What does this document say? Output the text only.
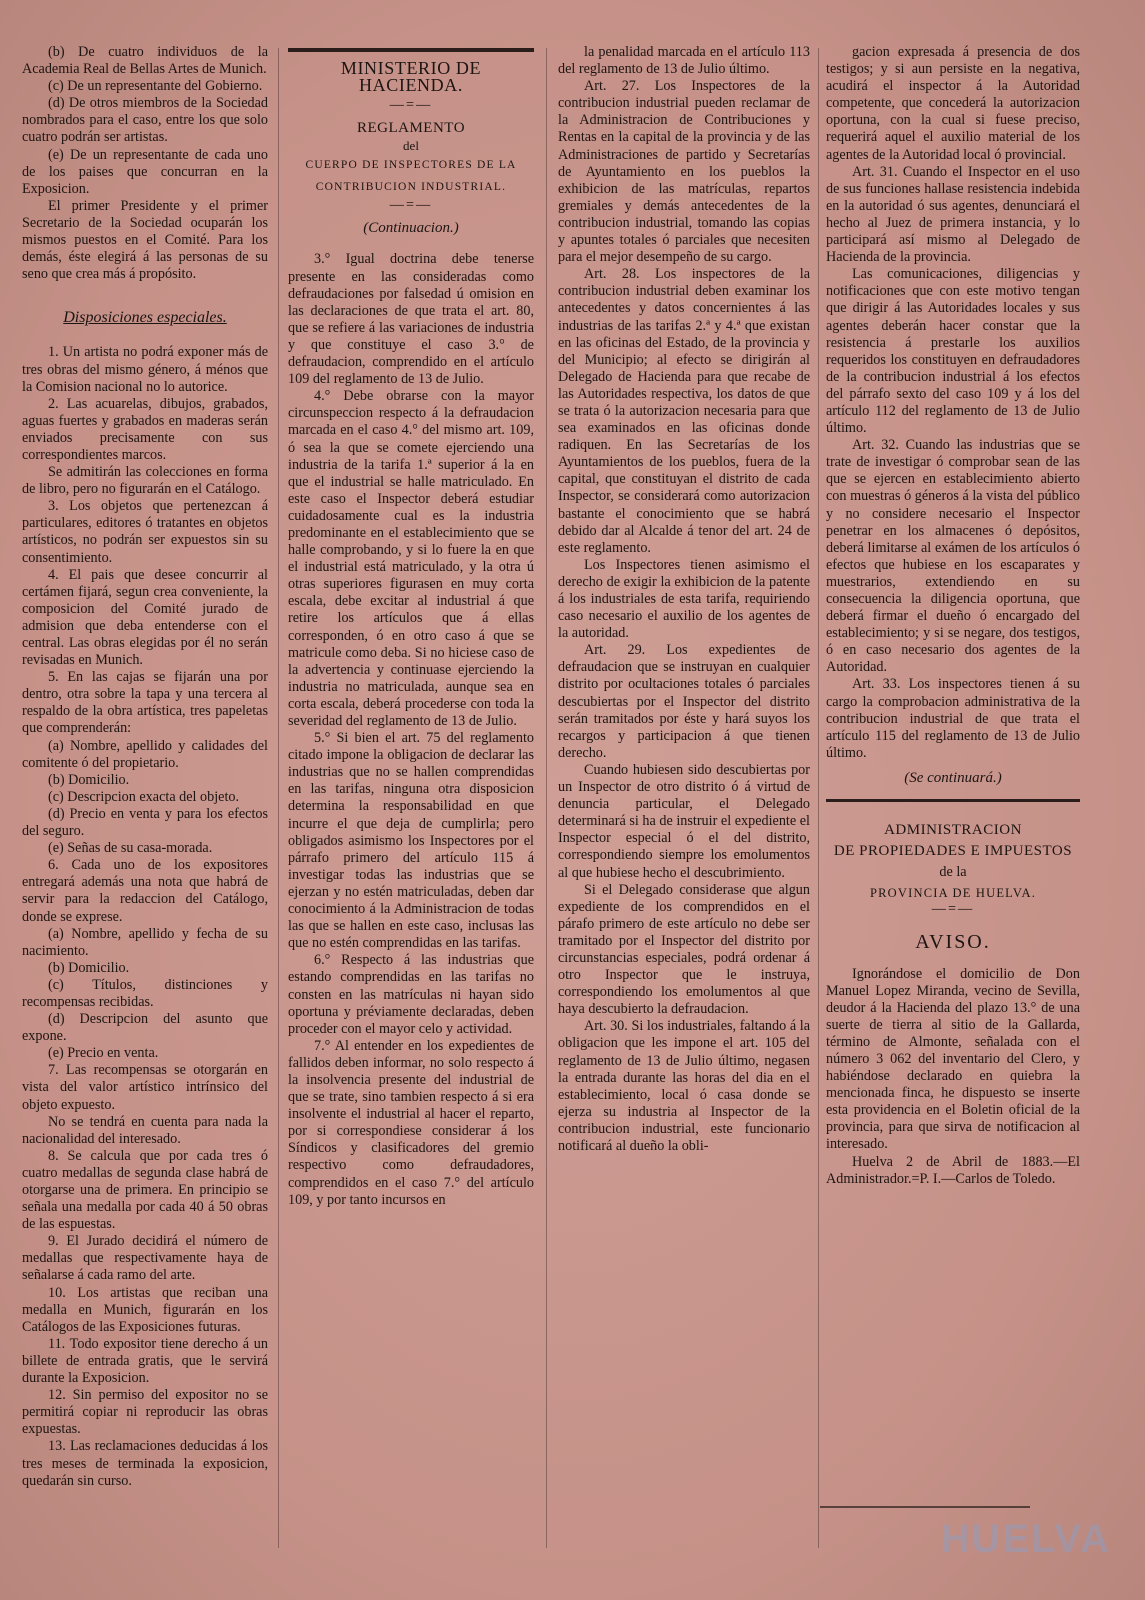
(b) De cuatro individuos de la Academia Real de Bellas Artes de Munich.

(c) De un representante del Gobierno.

(d) De otros miembros de la Sociedad nombrados para el caso, entre los que solo cuatro podrán ser artistas.

(e) De un representante de cada uno de los paises que concurran en la Exposicion.

El primer Presidente y el primer Secretario de la Sociedad ocuparán los mismos puestos en el Comité. Para los demás, éste elegirá á las personas de su seno que crea más á propósito.

Disposiciones especiales.

1. Un artista no podrá exponer más de tres obras del mismo género, á ménos que la Comision nacional no lo autorice.

2. Las acuarelas, dibujos, grabados, aguas fuertes y grabados en maderas serán enviados precisamente con sus correspondientes marcos.

Se admitirán las colecciones en forma de libro, pero no figurarán en el Catálogo.

3. Los objetos que pertenezcan á particulares, editores ó tratantes en objetos artísticos, no podrán ser expuestos sin su consentimiento.

4. El pais que desee concurrir al certámen fijará, segun crea conveniente, la composicion del Comité jurado de admision que deba entenderse con el central. Las obras elegidas por él no serán revisadas en Munich.

5. En las cajas se fijarán una por dentro, otra sobre la tapa y una tercera al respaldo de la obra artística, tres papeletas que comprenderán:

(a) Nombre, apellido y calidades del comitente ó del propietario.

(b) Domicilio.

(c) Descripcion exacta del objeto.

(d) Precio en venta y para los efectos del seguro.

(e) Señas de su casa-morada.

6. Cada uno de los expositores entregará además una nota que habrá de servir para la redaccion del Catálogo, donde se exprese.

(a) Nombre, apellido y fecha de su nacimiento.

(b) Domicilio.

(c) Títulos, distinciones y recompensas recibidas.

(d) Descripcion del asunto que expone.

(e) Precio en venta.

7. Las recompensas se otorgarán en vista del valor artístico intrínsico del objeto expuesto.

No se tendrá en cuenta para nada la nacionalidad del interesado.

8. Se calcula que por cada tres ó cuatro medallas de segunda clase habrá de otorgarse una de primera. En principio se señala una medalla por cada 40 á 50 obras de las espuestas.

9. El Jurado decidirá el número de medallas que respectivamente haya de señalarse á cada ramo del arte.

10. Los artistas que reciban una medalla en Munich, figurarán en los Catálogos de las Exposiciones futuras.

11. Todo expositor tiene derecho á un billete de entrada gratis, que le servirá durante la Exposicion.

12. Sin permiso del expositor no se permitirá copiar ni reproducir las obras expuestas.

13. Las reclamaciones deducidas á los tres meses de terminada la exposicion, quedarán sin curso.

MINISTERIO DE HACIENDA.

—=—

REGLAMENTO

del

CUERPO DE INSPECTORES DE LA CONTRIBUCION INDUSTRIAL.

—=—

(Continuacion.)

3.° Igual doctrina debe tenerse presente en las consideradas como defraudaciones por falsedad ú omision en las declaraciones de que trata el art. 80, que se refiere á las variaciones de industria y que constituye el caso 3.° de defraudacion, comprendido en el artículo 109 del reglamento de 13 de Julio.

4.° Debe obrarse con la mayor circunspeccion respecto á la defraudacion marcada en el caso 4.° del mismo art. 109, ó sea la que se comete ejerciendo una industria de la tarifa 1.ª superior á la en que el industrial se halle matriculado. En este caso el Inspector deberá estudiar cuidadosamente cual es la industria predominante en el establecimiento que se halle comprobando, y si lo fuere la en que el industrial está matriculado, y la otra ú otras superiores figurasen en muy corta escala, debe excitar al industrial á que retire los artículos que á ellas corresponden, ó en otro caso á que se matricule como deba. Si no hiciese caso de la advertencia y continuase ejerciendo la industria no matriculada, aunque sea en corta escala, deberá procederse con toda la severidad del reglamento de 13 de Julio.

5.° Si bien el art. 75 del reglamento citado impone la obligacion de declarar las industrias que no se hallen comprendidas en las tarifas, ninguna otra disposicion determina la responsabilidad en que incurre el que deja de cumplirla; pero obligados asimismo los Inspectores por el párrafo primero del artículo 115 á investigar todas las industrias que se ejerzan y no estén matriculadas, deben dar conocimiento á la Administracion de todas las que se hallen en este caso, inclusas las que no estén comprendidas en las tarifas.

6.° Respecto á las industrias que estando comprendidas en las tarifas no consten en las matrículas ni hayan sido oportuna y préviamente declaradas, deben proceder con el mayor celo y actividad.

7.° Al entender en los expedientes de fallidos deben informar, no solo respecto á la insolvencia presente del industrial de que se trate, sino tambien respecto á si era insolvente el industrial al hacer el reparto, por si correspondiese considerar á los Síndicos y clasificadores del gremio respectivo como defraudadores, comprendidos en el caso 7.° del artículo 109, y por tanto incursos en

la penalidad marcada en el artículo 113 del reglamento de 13 de Julio último.

Art. 27. Los Inspectores de la contribucion industrial pueden reclamar de la Administracion de Contribuciones y Rentas en la capital de la provincia y de las Administraciones de partido y Secretarías de Ayuntamiento en los pueblos la exhibicion de las matrículas, repartos gremiales y demás antecedentes de la contribucion industrial, tomando las copias y apuntes totales ó parciales que necesiten para el mejor desempeño de su cargo.

Art. 28. Los inspectores de la contribucion industrial deben examinar los antecedentes y datos concernientes á las industrias de las tarifas 2.ª y 4.ª que existan en las oficinas del Estado, de la provincia y del Municipio; al efecto se dirigirán al Delegado de Hacienda para que recabe de las Autoridades respectiva, los datos de que se trata ó la autorizacion necesaria para que sea examinados en las oficinas donde radiquen. En las Secretarías de los Ayuntamientos de los pueblos, fuera de la capital, que constituyan el distrito de cada Inspector, se considerará como autorizacion bastante el conocimiento que se habrá debido dar al Alcalde á tenor del art. 24 de este reglamento.

Los Inspectores tienen asimismo el derecho de exigir la exhibicion de la patente á los industriales de esta tarifa, requiriendo caso necesario el auxilio de los agentes de la autoridad.

Art. 29. Los expedientes de defraudacion que se instruyan en cualquier distrito por ocultaciones totales ó parciales descubiertas por el Inspector del distrito serán tramitados por éste y hará suyos los recargos y participacion á que tienen derecho.

Cuando hubiesen sido descubiertas por un Inspector de otro distrito ó á virtud de denuncia particular, el Delegado determinará si ha de instruir el expediente el Inspector especial ó el del distrito, correspondiendo siempre los emolumentos al que hubiese hecho el descubrimiento.

Si el Delegado considerase que algun expediente de los comprendidos en el párafo primero de este artículo no debe ser tramitado por el Inspector del distrito por circunstancias especiales, podrá ordenar á otro Inspector que le instruya, correspondiendo los emolumentos al que haya descubierto la defraudacion.

Art. 30. Si los industriales, faltando á la obligacion que les impone el art. 105 del reglamento de 13 de Julio último, negasen la entrada durante las horas del dia en el establecimiento, local ó casa donde se ejerza su industria al Inspector de la contribucion industrial, este funcionario notificará al dueño la obli-

gacion expresada á presencia de dos testigos; y si aun persiste en la negativa, acudirá el inspector á la Autoridad competente, que concederá la autorizacion oportuna, con la cual si fuese preciso, requerirá aquel el auxilio material de los agentes de la Autoridad local ó provincial.

Art. 31. Cuando el Inspector en el uso de sus funciones hallase resistencia indebida en la autoridad ó sus agentes, denunciará el hecho al Juez de primera instancia, y lo participará así mismo al Delegado de Hacienda de la provincia.

Las comunicaciones, diligencias y notificaciones que con este motivo tengan que dirigir á las Autoridades locales y sus agentes deberán hacer constar que la resistencia á prestarle los auxilios requeridos los constituyen en defraudadores de la contribucion industrial á los efectos del párrafo sexto del caso 109 y á los del artículo 112 del reglamento de 13 de Julio último.

Art. 32. Cuando las industrias que se trate de investigar ó comprobar sean de las que se ejercen en establecimiento abierto con muestras ó géneros á la vista del público y no considere necesario el Inspector penetrar en los almacenes ó depósitos, deberá limitarse al exámen de los artículos ó efectos que hubiese en los escaparates y muestrarios, extendiendo en su consecuencia la diligencia oportuna, que deberá firmar el dueño ó encargado del establecimiento; y si se negare, dos testigos, ó en caso necesario dos agentes de la Autoridad.

Art. 33. Los inspectores tienen á su cargo la comprobacion administrativa de la contribucion industrial de que trata el artículo 115 del reglamento de 13 de Julio último.

(Se continuará.)

ADMINISTRACION

DE PROPIEDADES E IMPUESTOS

de la

PROVINCIA DE HUELVA.

—=—

AVISO.

Ignorándose el domicilio de Don Manuel Lopez Miranda, vecino de Sevilla, deudor á la Hacienda del plazo 13.° de una suerte de tierra al sitio de la Gallarda, término de Almonte, señalada con el número 3 062 del inventario del Clero, y habiéndose declarado en quiebra la mencionada finca, he dispuesto se inserte esta providencia en el Boletin oficial de la provincia, para que sirva de notificacion al interesado.

Huelva 2 de Abril de 1883.—El Administrador.=P. I.—Carlos de Toledo.

HUELVA
